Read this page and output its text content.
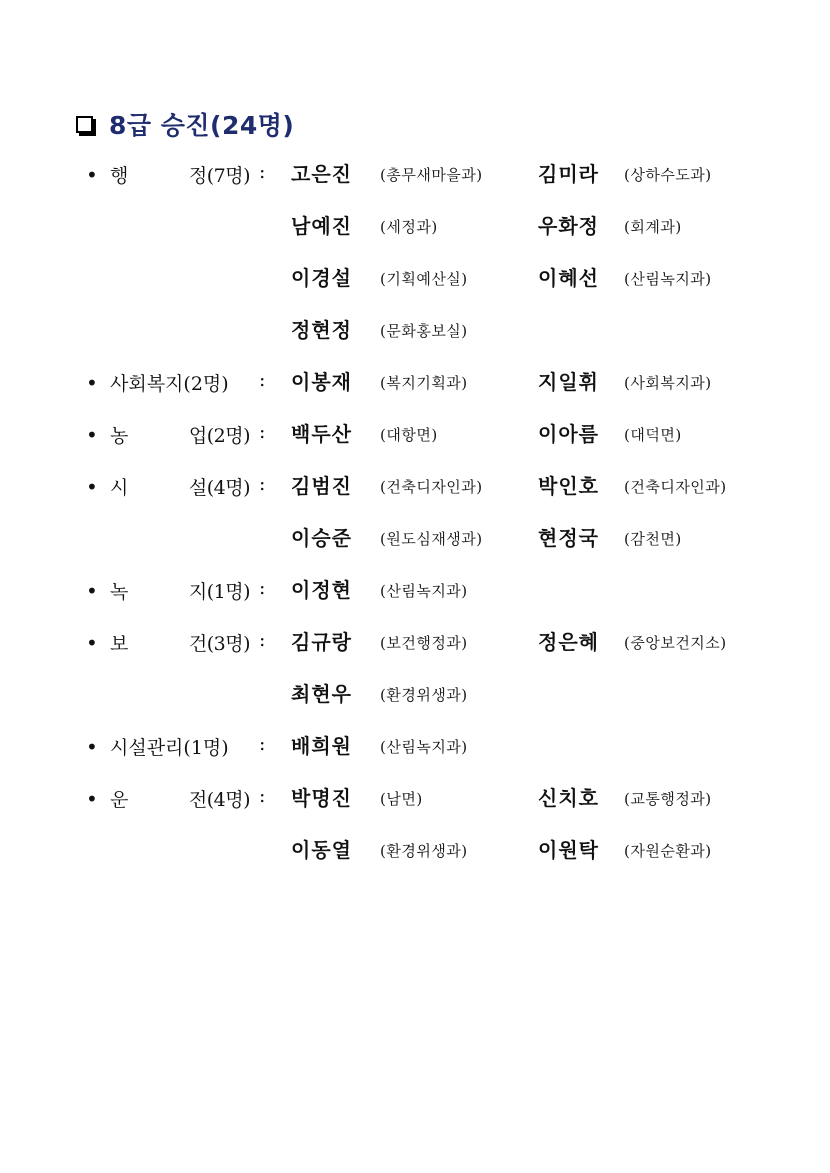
8급 승진(24명)
• 행	정(7명) : 고은진 (총무새마을과)	김미라 (상하수도과)
남예진 (세정과)	우화정 (회계과)
이경설 (기획예산실)	이혜선 (산림녹지과)
정현정 (문화홍보실)
• 사회복지(2명) : 이봉재 (복지기획과)	지일휘 (사회복지과)
• 농	업(2명) : 백두산 (대항면)	이아름 (대덕면)
• 시	설(4명) : 김범진 (건축디자인과)	박인호 (건축디자인과)
이승준 (원도심재생과)	현정국 (감천면)
• 녹	지(1명) : 이정현 (산림녹지과)
• 보	건(3명) : 김규랑 (보건행정과)	정은혜 (중앙보건지소)
최현우 (환경위생과)
• 시설관리(1명) : 배희원 (산림녹지과)
• 운	전(4명) : 박명진 (남면)	신치호 (교통행정과)
이동열 (환경위생과)	이원탁 (자원순환과)
